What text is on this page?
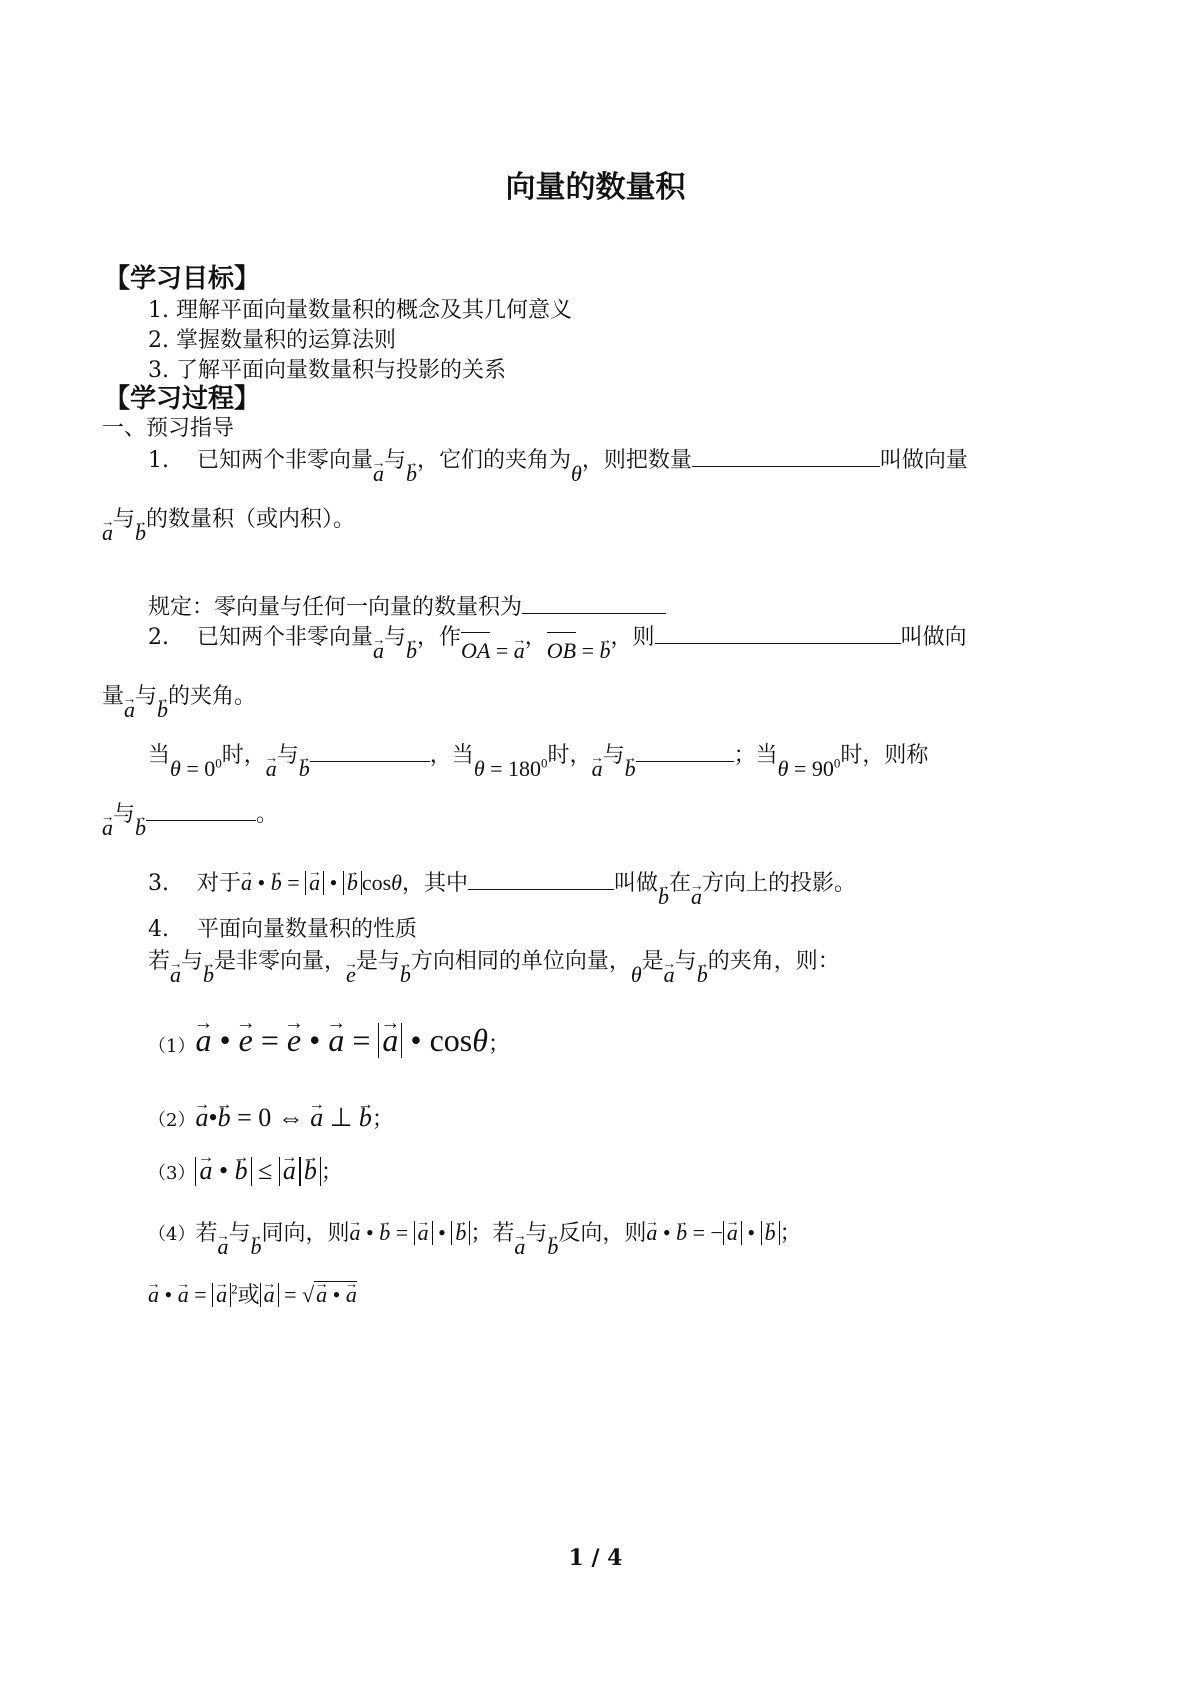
向量的数量积
【学习目标】
1. 理解平面向量数量积的概念及其几何意义
2. 掌握数量积的运算法则
3. 了解平面向量数量积与投影的关系
【学习过程】
一、预习指导
1. 已知两个非零向量→ a与→ b，它们的夹角为θ，则把数量	叫做向量
→ a与→ b的数量积（或内积）。
规定：零向量与任何一向量的数量积为
2. 已知两个非零向量→ a与→ b，作
OA = → a，
OB = → b，则	叫做向
量→ a与→ b的夹角。
当$\theta = 0^0$时，→ a与→ b，当$\theta = 180^0$时，→ a与→ b；当$\theta = 90^0$时，则称
→ a与→ b。
3. 对于→ a • → b = → a • → b cosθ，其中	叫做→ b在→ a方向上的投影。
4. 平面向量数量积的性质
若→ a与→ b是非零向量，→ e是与→ b方向相同的单位向量，θ是→ a与→ b的夹角，则：
（1）→ a • → e = → e • → a = → a • cosθ；
（2）→ a•→ b = 0 ⇔ → a ⊥ → b；
（3） → a • → b ≤ → a → b ；
（4）若→ a与→ b同向，则→ a • → b = → a • → b ；若→ a与→ b反向，则→ a • → b = − → a • → b ；
→ a • → a = → a $^2$或 → a = √→ a • → a
1 / 4
